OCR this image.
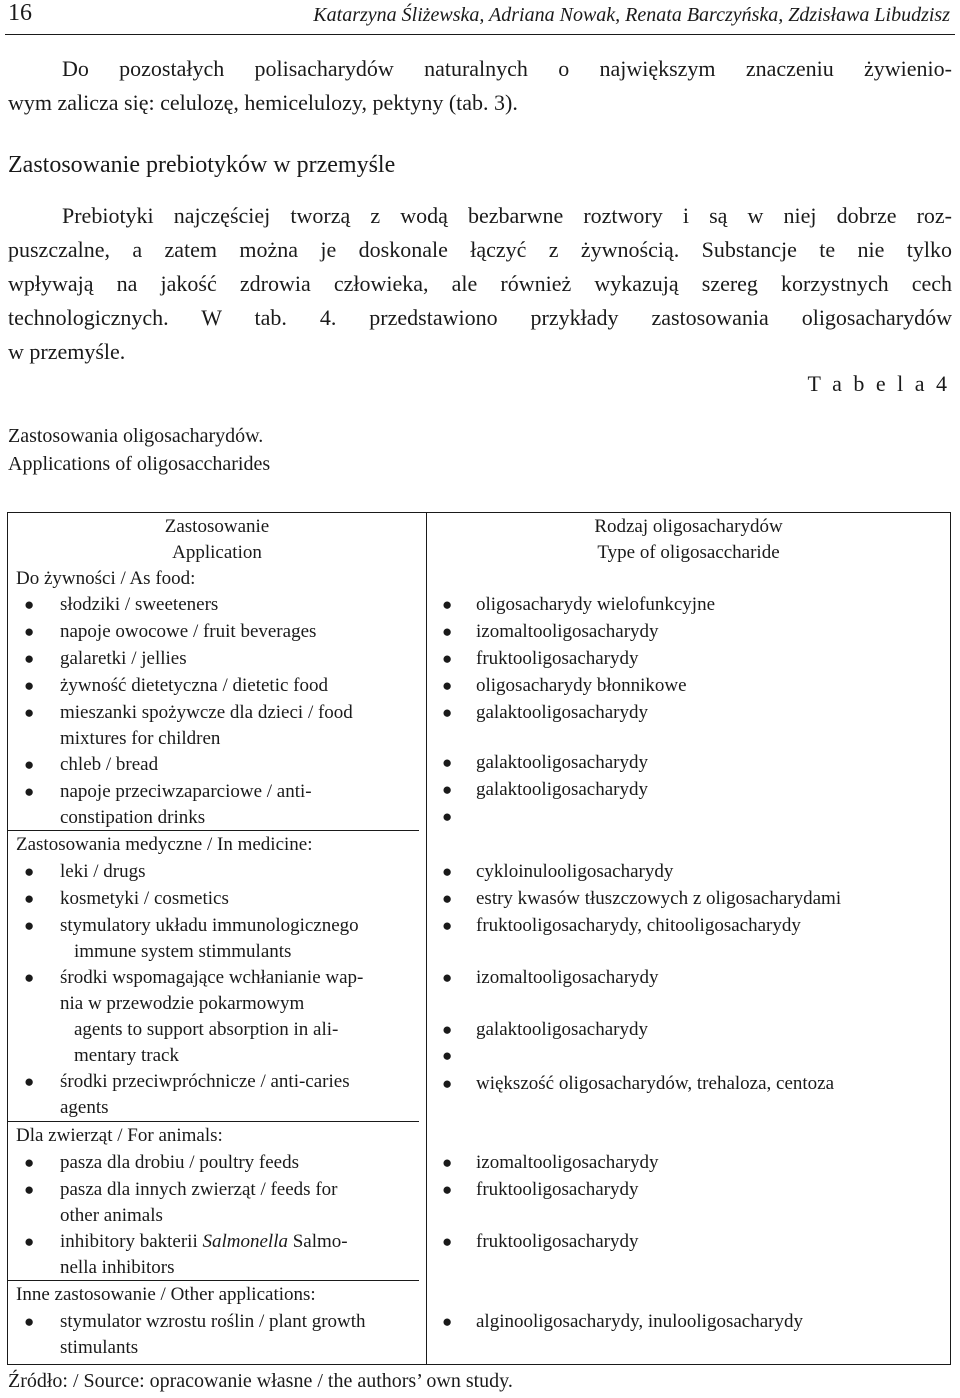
16	Katarzyna Śliżewska, Adriana Nowak, Renata Barczyńska, Zdzisława Libudzisz
Do pozostałych polisacharydów naturalnych o największym znaczeniu żywienio-
wym zalicza się: celulozę, hemicelulozy, pektyny (tab. 3).
Zastosowanie prebiotyków w przemyśle
Prebiotyki najczęściej tworzą z wodą bezbarwne roztwory i są w niej dobrze roz-
puszczalne, a zatem można je doskonale łączyć z żywnością. Substancje te nie tylko
wpływają na jakość zdrowia człowieka, ale również wykazują szereg korzystnych cech
technologicznych. W tab. 4. przedstawiono przykłady zastosowania oligosacharydów
w przemyśle.
T a b e l a 4
Zastosowania oligosacharydów.
Applications of oligosaccharides
Zastosowanie
Application
Rodzaj oligosacharydów
Type of oligosaccharide
Do żywności / As food:
Zastosowania medyczne / In medicine:
Dla zwierząt / For animals:
Inne zastosowanie / Other applications:
● słodziki / sweeteners
● napoje owocowe / fruit beverages
● galaretki / jellies
● żywność dietetyczna / dietetic food
● mieszanki spożywcze dla dzieci / food
mixtures for children
● chleb / bread
● napoje przeciwzaparciowe / anti-
constipation drinks
● oligosacharydy wielofunkcyjne
● izomaltooligosacharydy
● fruktooligosacharydy
● oligosacharydy błonnikowe
● galaktooligosacharydy
● galaktooligosacharydy
● galaktooligosacharydy
●
● leki / drugs
● kosmetyki / cosmetics
● stymulatory układu immunologicznego
immune system stimmulants
● środki wspomagające wchłanianie wap-
nia w przewodzie pokarmowym
agents to support absorption in ali-
mentary track
● środki przeciwpróchnicze / anti-caries
agents
● cykloinulooligosacharydy
● estry kwasów tłuszczowych z oligosacharydami
● fruktooligosacharydy, chitooligosacharydy
● izomaltooligosacharydy
● galaktooligosacharydy
●
● większość oligosacharydów, trehaloza, centoza
● pasza dla drobiu / poultry feeds
● pasza dla innych zwierząt / feeds for
other animals
● inhibitory bakterii Salmonella Salmo-
nella inhibitors
● izomaltooligosacharydy
● fruktooligosacharydy
● fruktooligosacharydy
● stymulator wzrostu roślin / plant growth
stimulants
● alginooligosacharydy, inulooligosacharydy
Źródło: / Source: opracowanie własne / the authors’ own study.
